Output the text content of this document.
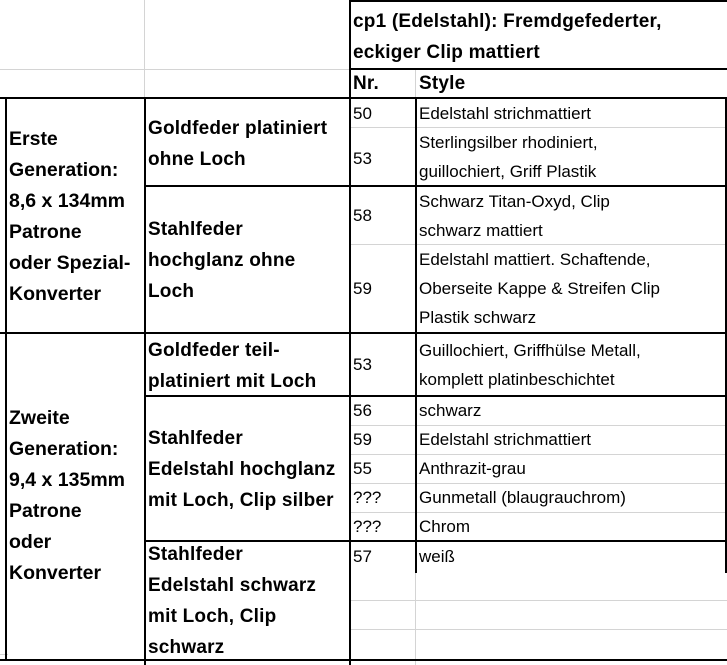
cp1 (Edelstahl): Fremdgefederter,
eckiger Clip mattiert
Nr.	Style
Erste
Generation:
8,6 x 134mm
Patrone
oder Spezial-
Konverter
Zweite
Generation:
9,4 x 135mm
Patrone
oder
Konverter
Goldfeder platiniert
ohne Loch
Stahlfeder
hochglanz ohne
Loch
Goldfeder teil-
platiniert mit Loch
Stahlfeder
Edelstahl hochglanz
mit Loch, Clip silber
Stahlfeder
Edelstahl schwarz
mit Loch, Clip
schwarz
50
53
58
59
53
56
59
55
???
???
57
Edelstahl strichmattiert
Sterlingsilber rhodiniert,
guillochiert, Griff Plastik
Schwarz Titan-Oxyd, Clip
schwarz mattiert
Edelstahl mattiert. Schaftende,
Oberseite Kappe & Streifen Clip
Plastik schwarz
Guillochiert, Griffhülse Metall,
komplett platinbeschichtet
schwarz
Edelstahl strichmattiert
Anthrazit-grau
Gunmetall (blaugrauchrom)
Chrom
weiß
